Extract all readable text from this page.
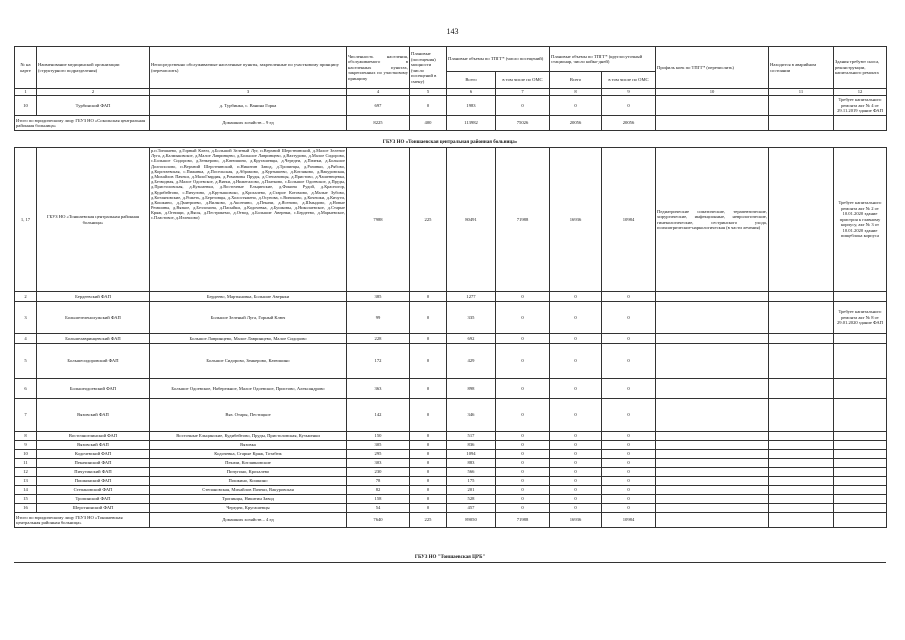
143
№ на карте	Наименование медицинской организации (структурного подразделения)	Непосредственно обслуживаемые населенные пункты, закрепленные по участковому принципу (перечислить)	Численность населения, обслуживаемого в населенных пунктах, закрепленных по участковому принципу	Плановые (посещения) мощности (число посещений в смену)	Плановые объемы по ТПГГ* (число посещений)		Плановые объемы по ТПГГ* (круглосуточный стационар, число койко-дней)		Профиль коек по ТПГГ* (перечислить)	Находится в аварийном состоянии	Здания требуют сноса, реконструкции, капитального ремонта
					Всего	в том числе по ОМС	Всего	в том числе по ОМС			
1	2	3	4	5	6	7	8	9	10	11	12
10	Турбинский ФАП	д. Турбинка, с. Ванина Горка	697	0	1983	0	0	0			Требует капитального ремонта акт № 4 от 29.11.2019 здание ФАП
Итого по юридическому лицу ГБУЗ НО «Сокольская центральная районная больница»		Домашних хозяйств – 9 ед	8225	400	113982	75026	20056	20056			
ГБУЗ НО «Тоншаевская центральная районная больница»
1, 17	ГБУЗ НО «Тоншаевская центральная районная больница»	р.п.Тоншаево, д.Горный Ключ, д.Большой Зеленый Луг, п.Верхний Шерстнинский, д.Малое Зеленое Луга, д.Калмыковское, д.Малое Лавринцево, д.Большое Лавринцево, д.Вахтурово, д.Малое Сидорово, с.Большое Сидорово, д.Зенкерово, д.Катюшино, д.Кругашевцы, д.Чередеи, д.Пачеки, д.Большое Долгополово, п.Верхний Шерстнинский, п.Никитин Завод, д.Тропинцы, д.Разинки, д.Рябово, д.Коротаевская, с.Пижанка, д.Посельская, д.Абрамово, д.Куртышево, д.Котляково, д.Вакуровская, д.Михайлов Пачеки, д.МалоГвардия, д.Романовы Пруды, д.Степановцы, д.Пристово, д.Чашеннцевка, д.Безводная, д.Малое Одоевское, д.Вятки, д.Нижегалово, д.Платково, с.Большое Одоевское, д.Пруды, д.Пристоловская, д.Кузьменки, д.Восточные Ельцинские, д.Фокина Рудой, д.Красногор, д.Кудибейтово, с.Пичугино, д.Крутышовско, д.Крохалево, д.Старое Котомово, д.Малые Зубово, д.Котляновские, д.Рожеть, д.Березовцы, д.Холостяжено, д.Осунова, с.Виноково, д.Кочешки, д.Кичуги, д.Кошкино, д.Дмитриево, д.Вилково, д.Аксенино, д.Пекачи, д.Ясеново, д.Шмыдово, д.Новые Ремшины, д.Вязкое, д.Безлохина, д.Пасыйки, д.Кодочевка, д.Бушковы, д.Николаевское, д.Старые Кряж, д.Огнищи, д.Вясы, д.Пестрикемо, д.Отвод, д.Большие Авернки, с.Бердеево, д.Марыевское, с.Пластовое, д.Излешово)	7988	225	80491	71988	16936	10984	Педиатрические соматические, терапевтические, хирургические, инфекционные, неврологические, гинекологические, сестринского ухода, психиатрические-наркологическая (в части лечения)		Требует капитального ремонта акт № 2 от 10.01.2020 здание пристроя к главному корпусу, акт № 3 от 10.01.2020 здание пищеблока корпуса
2	Бердеевский ФАП	Бердеево, Мартыновка, Большие Авернки	385	0	1277	0	0	0			
3	Большезеленолужский ФАП	Большое Зеленый Луга, Горный Ключ	99	0	335	0	0	0			Требует капитального ремонта акт № 8 от 29.01.2020 здание ФАП
4	Большелавринцевский ФАП	Большое Лавринцево, Малое Лавринцево, Малое Сидорово	228	0	692	0	0	0			
5	Большесидоровский ФАП	Большое Сидорово, Зенкерово, Катюшино	172	0	429	0	0	0			
6	Большеодоевский ФАП	Большое Одоевское, Набережное, Малое Одоевское, Пристово, Александрово	363	0	898	0	0	0			
7	Вязовский ФАП	Вяз. Отары, Пестицкое	142	0	346	0	0	0			
8	Восточноелинский ФАП	Восточные Ельцинские, Кудибейтово, Пруды, Пристоловская, Кузьменки	150	0	517	0	0	0			
9	Вязовский ФАП	Вязовка	305	0	836	0	0	0			
10	Кодочевский ФАП	Кодочевка, Старые Кряж, Тотабеж	295	0	1094	0	0	0			
11	Пекачинский ФАП	Пекачи, Котлявновские	303	0	883	0	0	0			
12	Пичугинский ФАП	Пичугино, Крохалево	230	0	566	0	0	0			
13	Пошкинский ФАП	Пошкино, Кошкино	78	0	175	0	0	0			
14	Степановский ФАП	Степановская, Михайлов Пачеки, Вакуровская	82	0	201	0	0	0			
15	Тропинский ФАП	Тропинцы, Никитин Завод	158	0	528	0	0	0			
16	Шерстнинский ФАП	Чередеи, Кругашевцы	54	0	457	0	0	0			
Итого по юридическому лицу ГБУЗ НО «Тоншаевская центральная районная больница»		Домашних хозяйств – 4 ед	7640	225	89050	71988	16936	10984			
ГБУЗ НО "Тоншаевская ЦРБ"
